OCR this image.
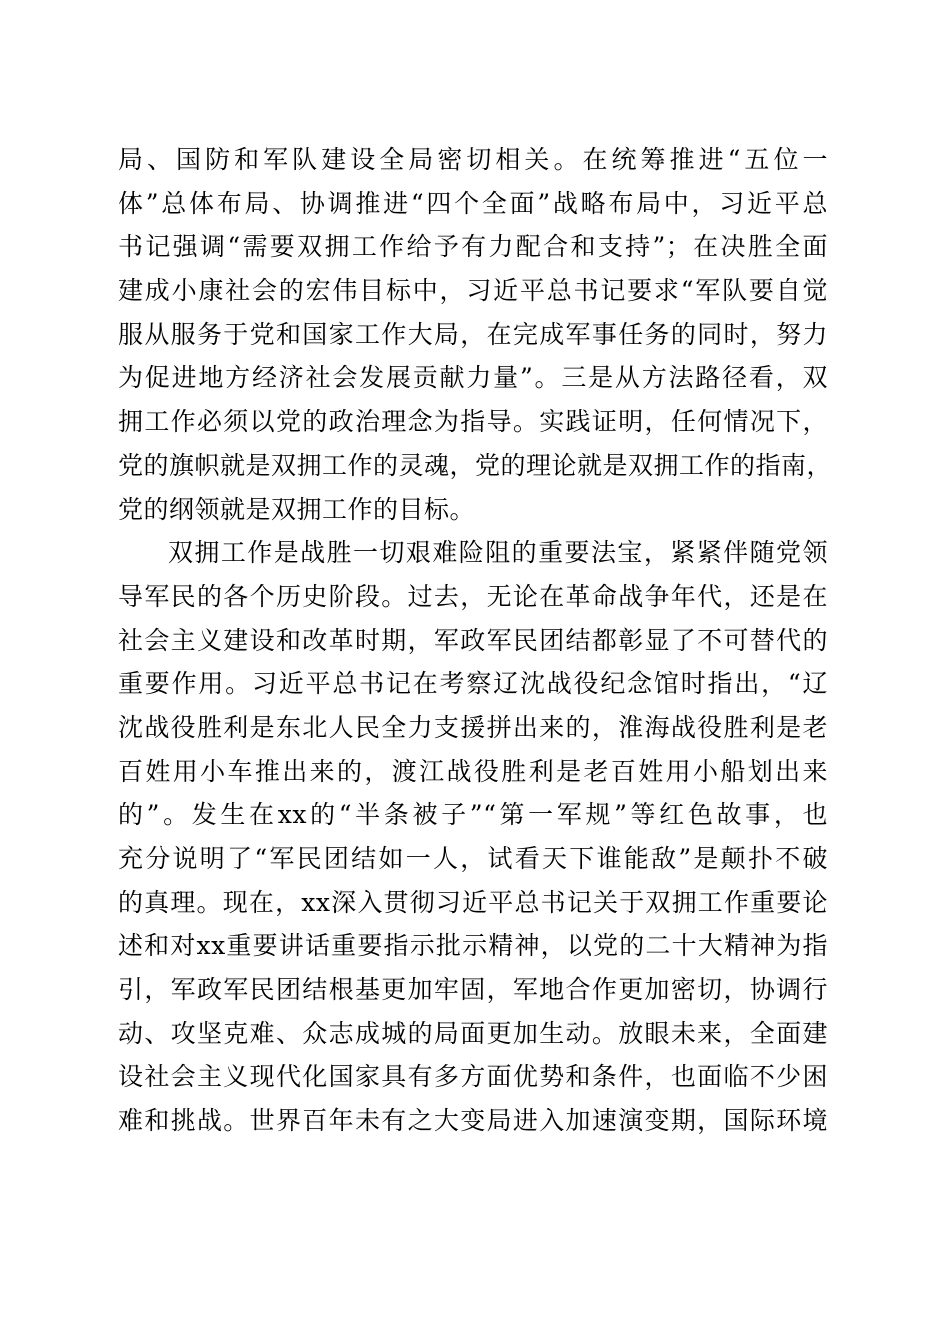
局、国防和军队建设全局密切相关。在统筹推进“五位一
体”总体布局、协调推进“四个全面”战略布局中，习近平总
书记强调“需要双拥工作给予有力配合和支持”；在决胜全面
建成小康社会的宏伟目标中，习近平总书记要求“军队要自觉
服从服务于党和国家工作大局，在完成军事任务的同时，努力
为促进地方经济社会发展贡献力量”。三是从方法路径看，双
拥工作必须以党的政治理念为指导。实践证明，任何情况下，
党的旗帜就是双拥工作的灵魂，党的理论就是双拥工作的指南，
党的纲领就是双拥工作的目标。
双拥工作是战胜一切艰难险阻的重要法宝，紧紧伴随党领
导军民的各个历史阶段。过去，无论在革命战争年代，还是在
社会主义建设和改革时期，军政军民团结都彰显了不可替代的
重要作用。习近平总书记在考察辽沈战役纪念馆时指出，“辽
沈战役胜利是东北人民全力支援拼出来的，淮海战役胜利是老
百姓用小车推出来的，渡江战役胜利是老百姓用小船划出来
的”。发生在xx的“半条被子”“第一军规”等红色故事，也
充分说明了“军民团结如一人，试看天下谁能敌”是颠扑不破
的真理。现在，xx深入贯彻习近平总书记关于双拥工作重要论
述和对xx重要讲话重要指示批示精神，以党的二十大精神为指
引，军政军民团结根基更加牢固，军地合作更加密切，协调行
动、攻坚克难、众志成城的局面更加生动。放眼未来，全面建
设社会主义现代化国家具有多方面优势和条件，也面临不少困
难和挑战。世界百年未有之大变局进入加速演变期，国际环境
